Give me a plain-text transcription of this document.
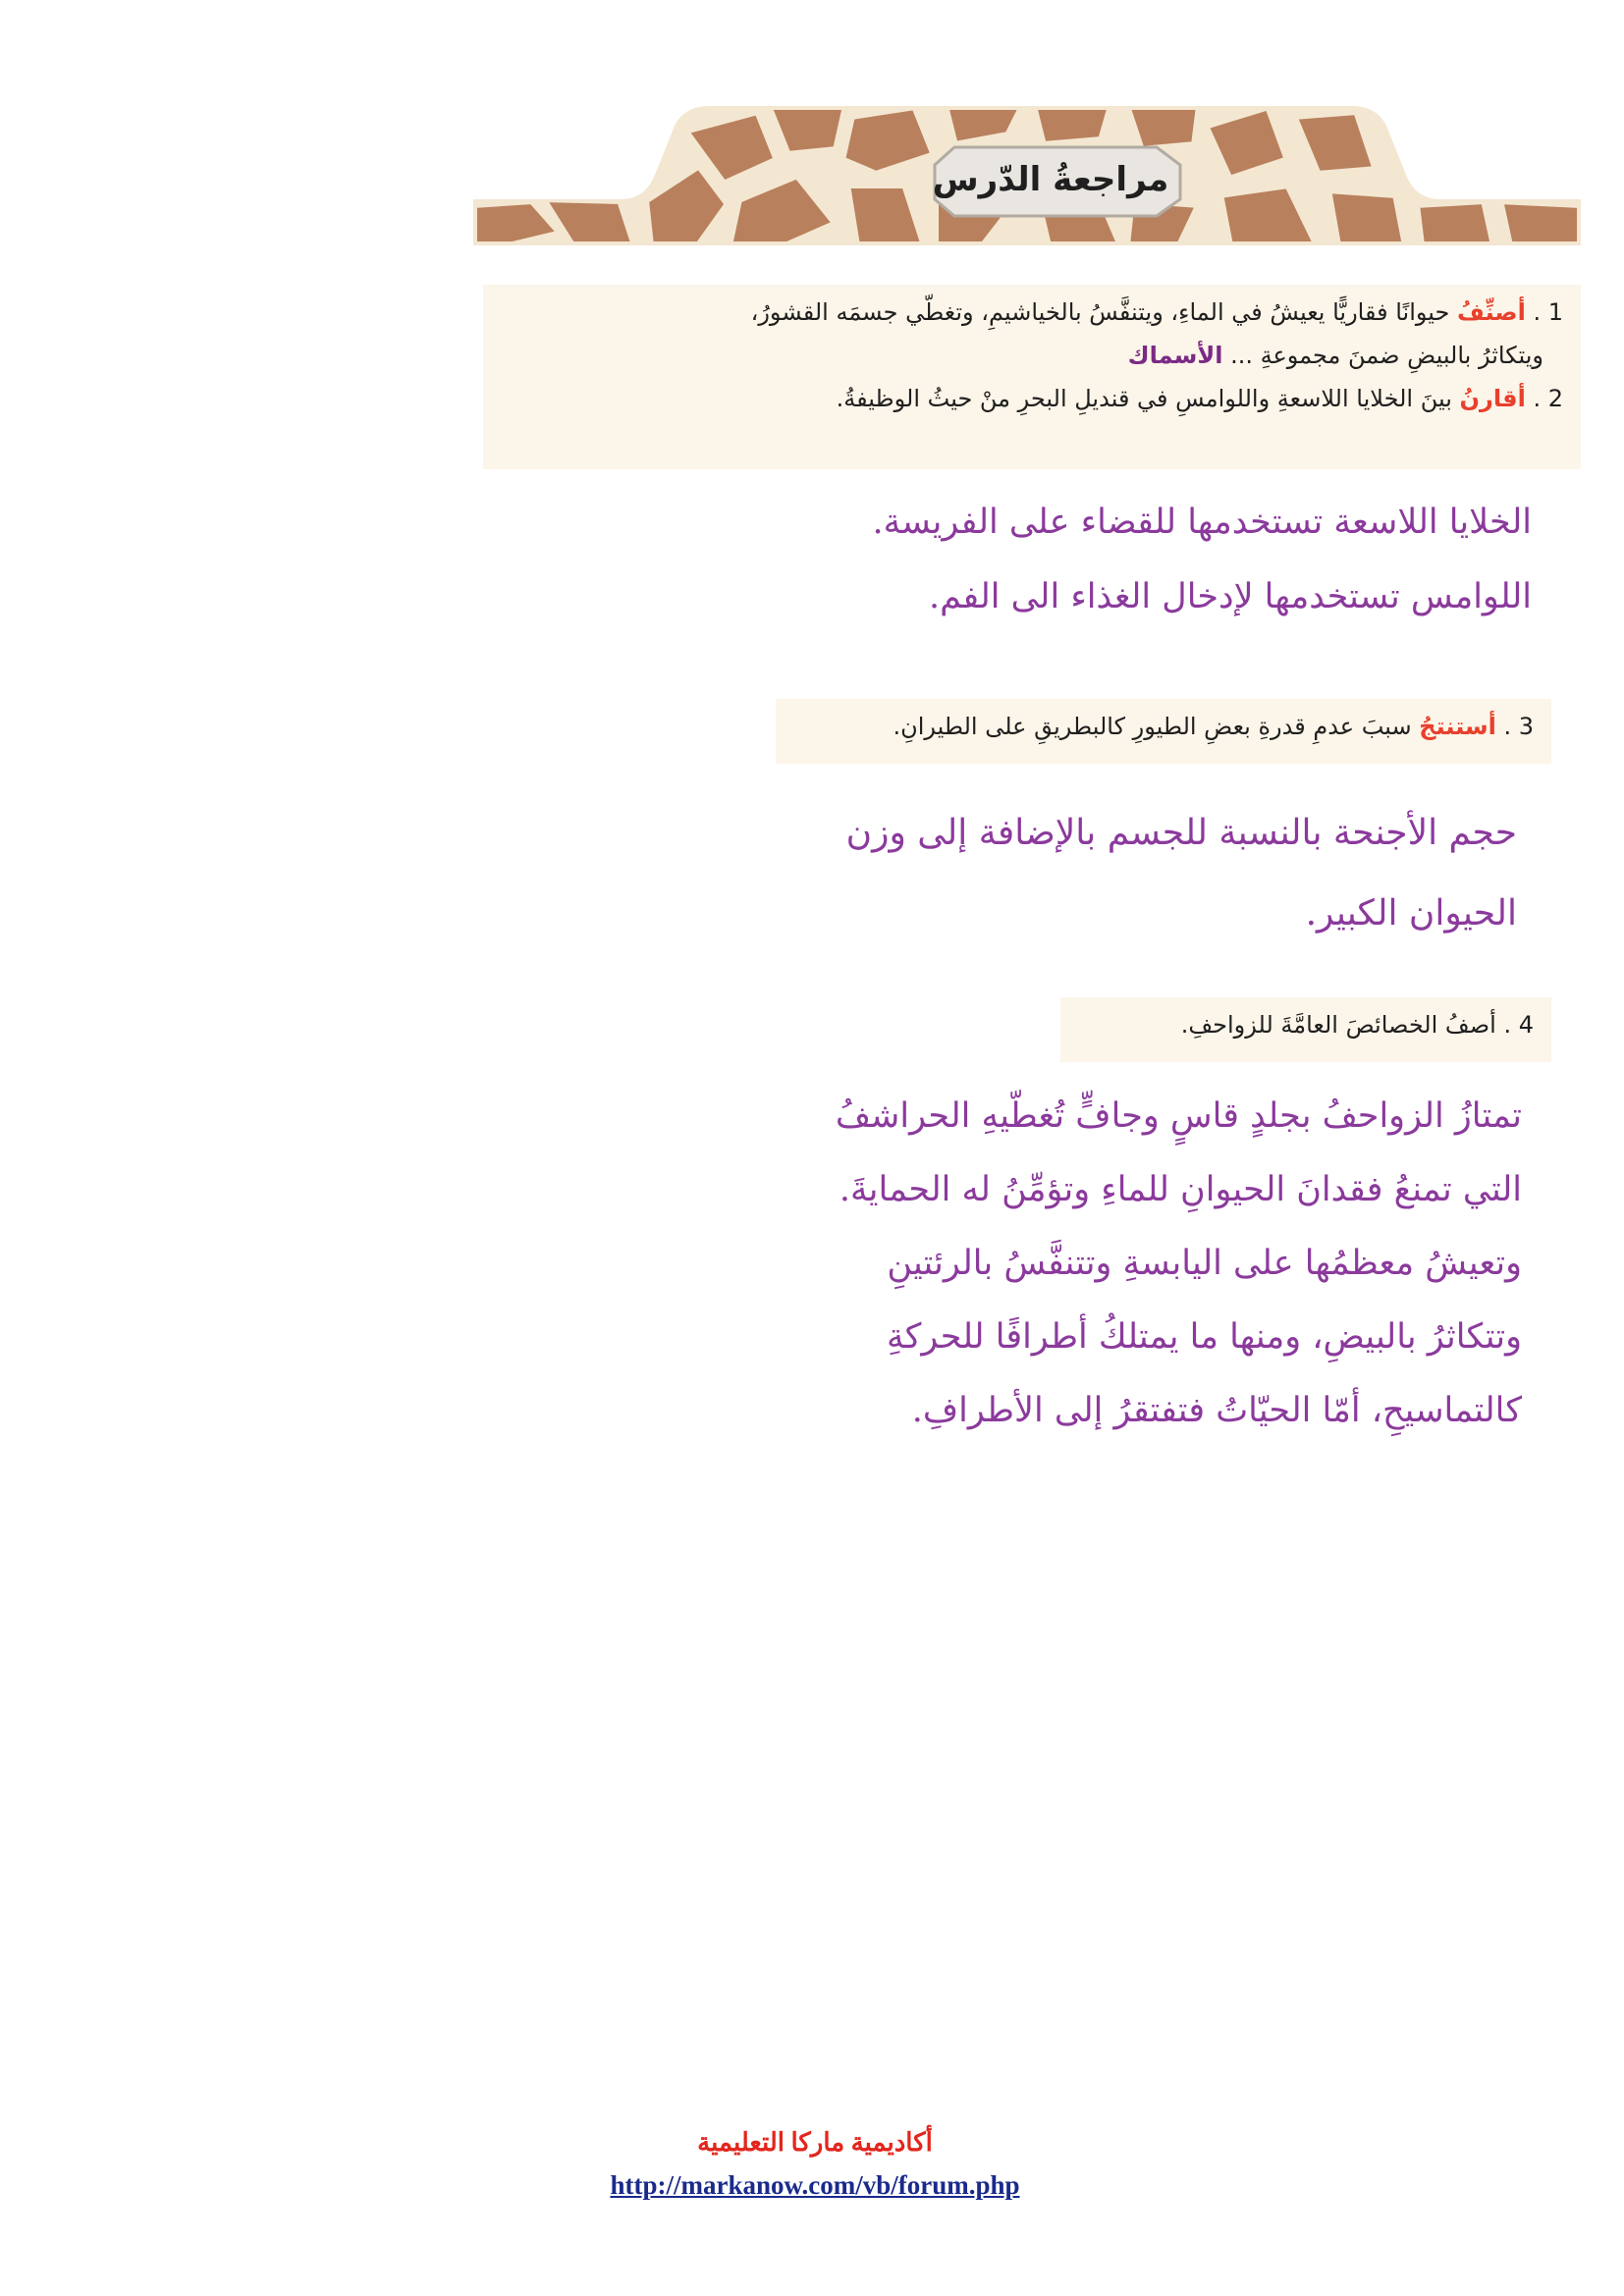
مراجعةُ الدّرس
1 . أصنِّفُ حيوانًا فقاريًّا يعيشُ في الماءِ، ويتنفَّسُ بالخياشيمِ، وتغطّي جسمَه القشورُ،
ويتكاثرُ بالبيضِ ضمنَ مجموعةِ ... الأسماك
2 . أقارنُ بينَ الخلايا اللاسعةِ واللوامسِ في قنديلِ البحرِ منْ حيثُ الوظيفةُ.

الخلايا اللاسعة تستخدمها للقضاء على الفريسة.

اللوامس تستخدمها لإدخال الغذاء الى الفم.

3 . أستنتجُ سببَ عدمِ قدرةِ بعضِ الطيورِ كالبطريقِ على الطيرانِ.

حجم الأجنحة بالنسبة للجسم بالإضافة إلى وزن

الحيوان الكبير.

4 . أصفُ الخصائصَ العامَّةَ للزواحفِ.

تمتازُ الزواحفُ بجلدٍ قاسٍ وجافٍّ تُغطّيهِ الحراشفُ

التي تمنعُ فقدانَ الحيوانِ للماءِ وتؤمِّنُ له الحمايةَ.

وتعيشُ معظمُها على اليابسةِ وتتنفَّسُ بالرئتينِ

وتتكاثرُ بالبيضِ، ومنها ما يمتلكُ أطرافًا للحركةِ

كالتماسيحِ، أمّا الحيّاتُ فتفتقرُ إلى الأطرافِ.

أكاديمية ماركا التعليمية
http://markanow.com/vb/forum.php
